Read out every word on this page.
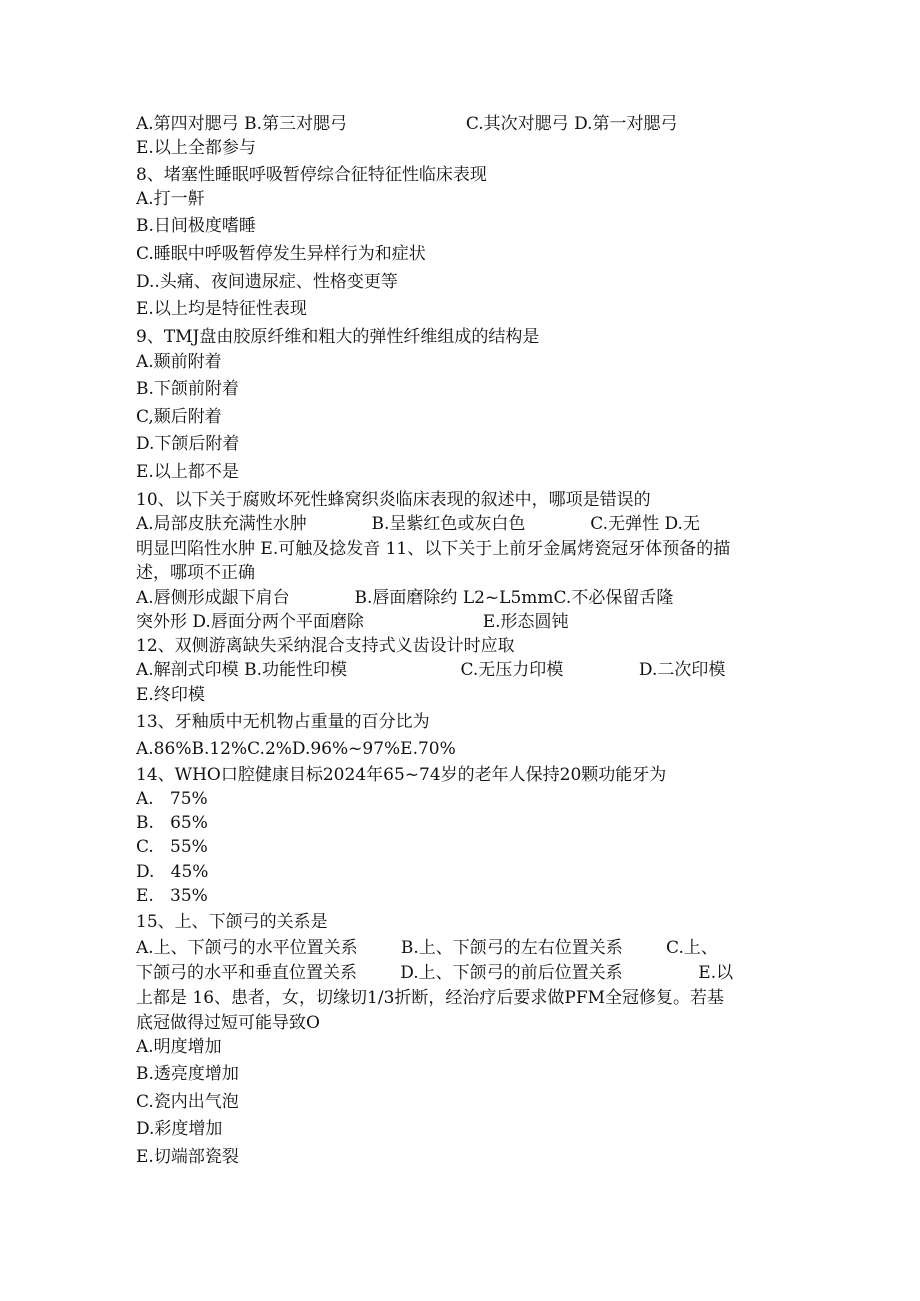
A.第四对腮弓 B.第三对腮弓                      C.其次对腮弓 D.第一对腮弓
E.以上全都参与
8、堵塞性睡眠呼吸暂停综合征特征性临床表现
A.打一鼾
B.日间极度嗜睡
C.睡眠中呼吸暂停发生异样行为和症状
D..头痛、夜间遗尿症、性格变更等
E.以上均是特征性表现
9、TMJ盘由胶原纤维和粗大的弹性纤维组成的结构是
A.颞前附着
B.下颌前附着
C,颞后附着
D.下颌后附着
E.以上都不是
10、以下关于腐败坏死性蜂窝织炎临床表现的叙述中，哪项是错误的
A.局部皮肤充满性水肿            B.呈紫红色或灰白色            C.无弹性 D.无
明显凹陷性水肿 E.可触及捻发音 11、以下关于上前牙金属烤瓷冠牙体预备的描
述，哪项不正确
A.唇侧形成龈下肩台            B.唇面磨除约 L2~L5mmC.不必保留舌隆
突外形 D.唇面分两个平面磨除                      E.形态圆钝
12、双侧游离缺失采纳混合支持式义齿设计时应取
A.解剖式印模 B.功能性印模                     C.无压力印模              D.二次印模
E.终印模
13、牙釉质中无机物占重量的百分比为
A.86%B.12%C.2%D.96%~97%E.70%
14、WHO口腔健康目标2024年65~74岁的老年人保持20颗功能牙为
A.   75%
B.   65%
C.   55%
D.   45%
E.   35%
15、上、下颌弓的关系是
A.上、下颌弓的水平位置关系        B.上、下颌弓的左右位置关系        C.上、
下颌弓的水平和垂直位置关系        D.上、下颌弓的前后位置关系              E.以
上都是 16、患者，女，切缘切1/3折断，经治疗后要求做PFM全冠修复。若基
底冠做得过短可能导致O
A.明度增加
B.透亮度增加
C.瓷内出气泡
D.彩度增加
E.切端部瓷裂
